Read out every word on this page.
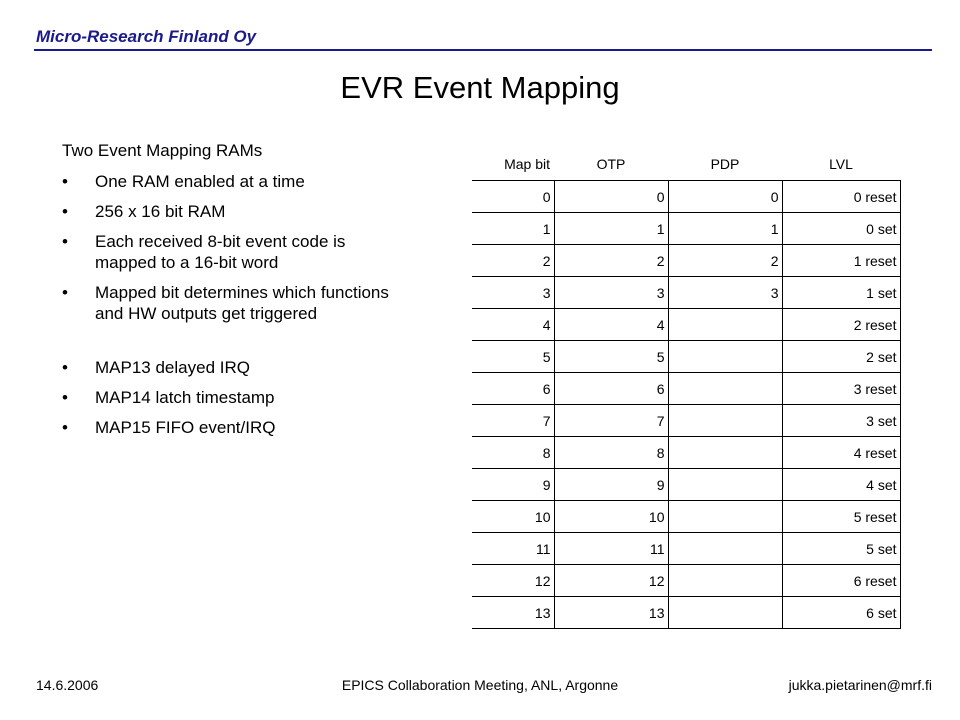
Micro-Research Finland Oy
EVR Event Mapping
Two Event Mapping RAMs
• One RAM enabled at a time
• 256 x 16 bit RAM
• Each received 8-bit event code is mapped to a 16-bit word
• Mapped bit determines which functions and HW outputs get triggered
• MAP13 delayed IRQ
• MAP14 latch timestamp
• MAP15 FIFO event/IRQ
Map bit	OTP	PDP	LVL
0	0	0	0 reset
1	1	1	0 set
2	2	2	1 reset
3	3	3	1 set
4	4		2 reset
5	5		2 set
6	6		3 reset
7	7		3 set
8	8		4 reset
9	9		4 set
10	10		5 reset
11	11		5 set
12	12		6 reset
13	13		6 set
14.6.2006	EPICS Collaboration Meeting, ANL, Argonne	jukka.pietarinen@mrf.fi
